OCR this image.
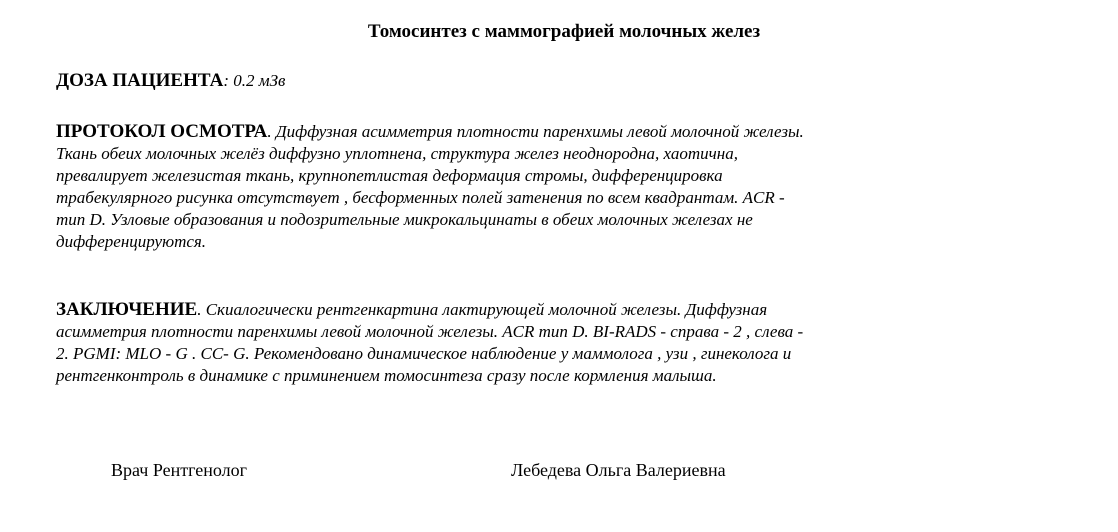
Томосинтез с маммографией молочных желез
ДОЗА ПАЦИЕНТА: 0.2 мЗв
ПРОТОКОЛ ОСМОТРА. Диффузная асимметрия плотности паренхимы левой молочной железы.
Ткань обеих молочных желёз диффузно уплотнена, структура желез неоднородна, хаотична,
превалирует железистая ткань, крупнопетлистая деформация стромы, дифференцировка
трабекулярного рисунка отсутствует , бесформенных полей затенения по всем квадрантам. ACR -
тип D. Узловые образования и подозрительные микрокальцинаты в обеих молочных железах не
дифференцируются.
ЗАКЛЮЧЕНИЕ. Скиалогически рентгенкартина лактирующей молочной железы. Диффузная
асимметрия плотности паренхимы левой молочной железы. ACR тип D. BI-RADS - справа - 2 , слева -
2. PGMI: MLO - G . CC- G. Рекомендовано динамическое наблюдение у маммолога , узи , гинеколога и
рентгенконтроль в динамике с приминением томосинтеза сразу после кормления малыша.
Врач Рентгенолог	Лебедева Ольга Валериевна
